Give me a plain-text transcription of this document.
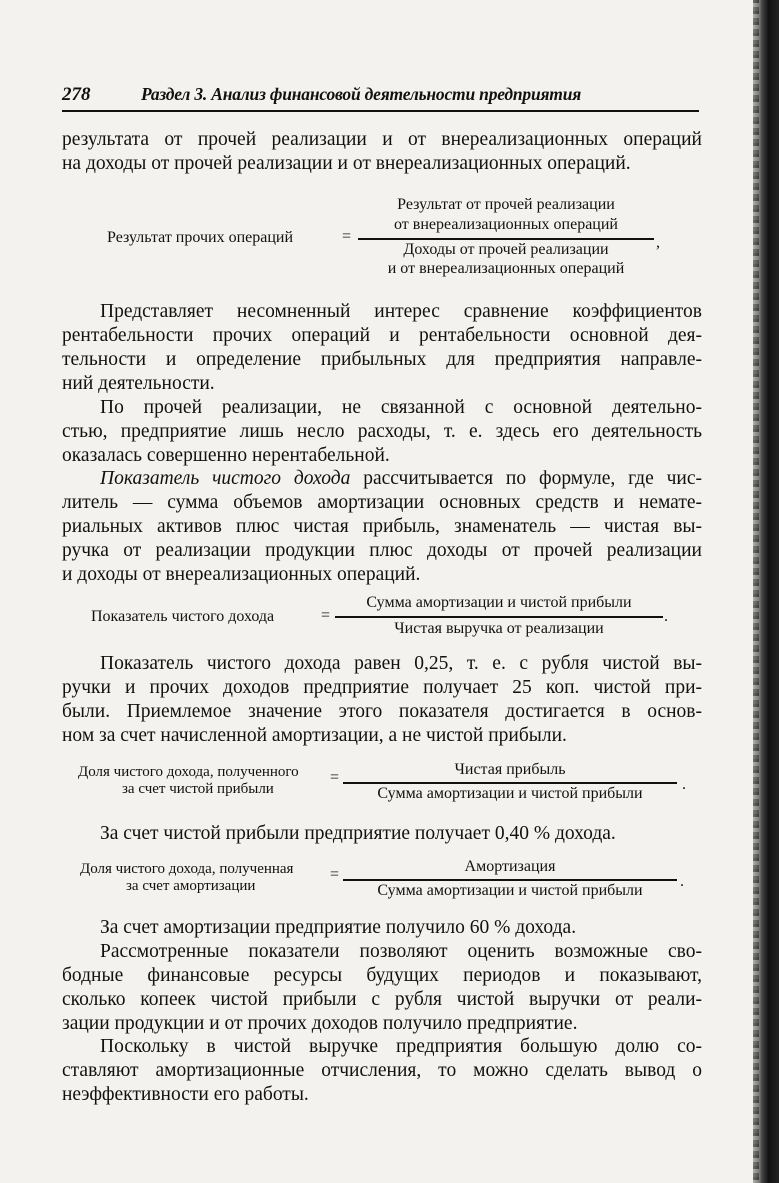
278	Раздел 3. Анализ финансовой деятельности предприятия
результата от прочей реализации и от внереализационных операций
на доходы от прочей реализации и от внереализационных операций.
Результат прочих операций	=
Результат от прочей реализации
от внереализационных операций
Доходы от прочей реализации
и от внереализационных операций
,
Представляет несомненный интерес сравнение коэффициентов
рентабельности прочих операций и рентабельности основной дея-
тельности и определение прибыльных для предприятия направле-
ний деятельности.
По прочей реализации, не связанной с основной деятельно-
стью, предприятие лишь несло расходы, т. е. здесь его деятельность
оказалась совершенно нерентабельной.
Показатель чистого дохода рассчитывается по формуле, где чис-
литель — сумма объемов амортизации основных средств и немате-
риальных активов плюс чистая прибыль, знаменатель — чистая вы-
ручка от реализации продукции плюс доходы от прочей реализации
и доходы от внереализационных операций.
Показатель чистого дохода	=
Сумма амортизации и чистой прибыли
Чистая выручка от реализации
.
Показатель чистого дохода равен 0,25, т. е. с рубля чистой вы-
ручки и прочих доходов предприятие получает 25 коп. чистой при-
были. Приемлемое значение этого показателя достигается в основ-
ном за счет начисленной амортизации, а не чистой прибыли.
Доля чистого дохода, полученного
за счет чистой прибыли
=	Чистая прибыль
Сумма амортизации и чистой прибыли
.
За счет чистой прибыли предприятие получает 0,40 % дохода.
Доля чистого дохода, полученная
за счет амортизации
=	Амортизация
Сумма амортизации и чистой прибыли
.
За счет амортизации предприятие получило 60 % дохода.
Рассмотренные показатели позволяют оценить возможные сво-
бодные финансовые ресурсы будущих периодов и показывают,
сколько копеек чистой прибыли с рубля чистой выручки от реали-
зации продукции и от прочих доходов получило предприятие.
Поскольку в чистой выручке предприятия большую долю со-
ставляют амортизационные отчисления, то можно сделать вывод о
неэффективности его работы.
